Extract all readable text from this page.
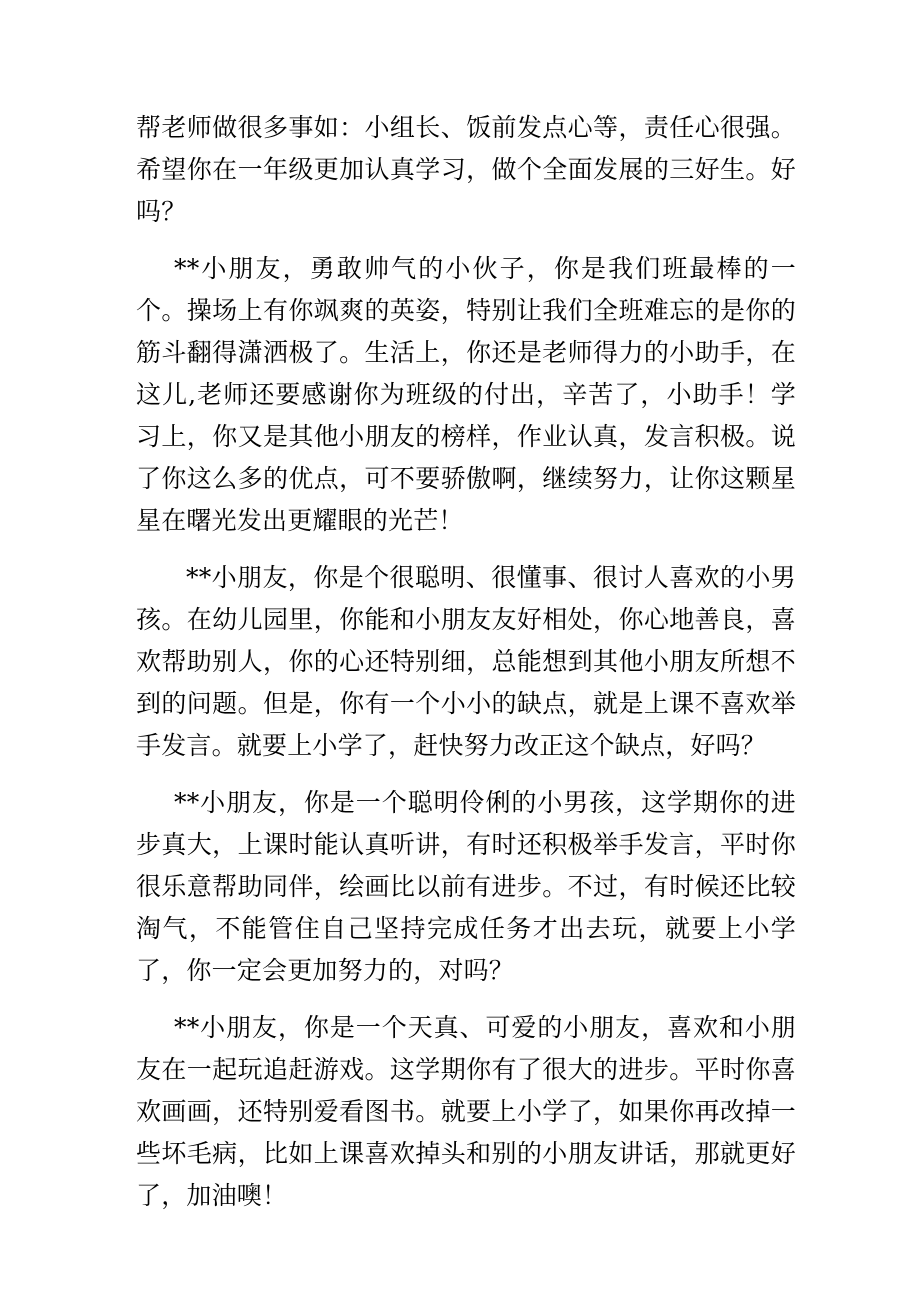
帮老师做很多事如：小组长、饭前发点心等，责任心很强。希望你在一年级更加认真学习，做个全面发展的三好生。好吗？

**小朋友，勇敢帅气的小伙子，你是我们班最棒的一个。操场上有你飒爽的英姿，特别让我们全班难忘的是你的筋斗翻得潇洒极了。生活上，你还是老师得力的小助手，在这儿,老师还要感谢你为班级的付出，辛苦了，小助手！学习上，你又是其他小朋友的榜样，作业认真，发言积极。说了你这么多的优点，可不要骄傲啊，继续努力，让你这颗星星在曙光发出更耀眼的光芒！

**小朋友，你是个很聪明、很懂事、很讨人喜欢的小男孩。在幼儿园里，你能和小朋友友好相处，你心地善良，喜欢帮助别人，你的心还特别细，总能想到其他小朋友所想不到的问题。但是，你有一个小小的缺点，就是上课不喜欢举手发言。就要上小学了，赶快努力改正这个缺点，好吗？

**小朋友，你是一个聪明伶俐的小男孩，这学期你的进步真大，上课时能认真听讲，有时还积极举手发言，平时你很乐意帮助同伴，绘画比以前有进步。不过，有时候还比较淘气，不能管住自己坚持完成任务才出去玩，就要上小学了，你一定会更加努力的，对吗？

**小朋友，你是一个天真、可爱的小朋友，喜欢和小朋友在一起玩追赶游戏。这学期你有了很大的进步。平时你喜欢画画，还特别爱看图书。就要上小学了，如果你再改掉一些坏毛病，比如上课喜欢掉头和别的小朋友讲话，那就更好了，加油噢！
